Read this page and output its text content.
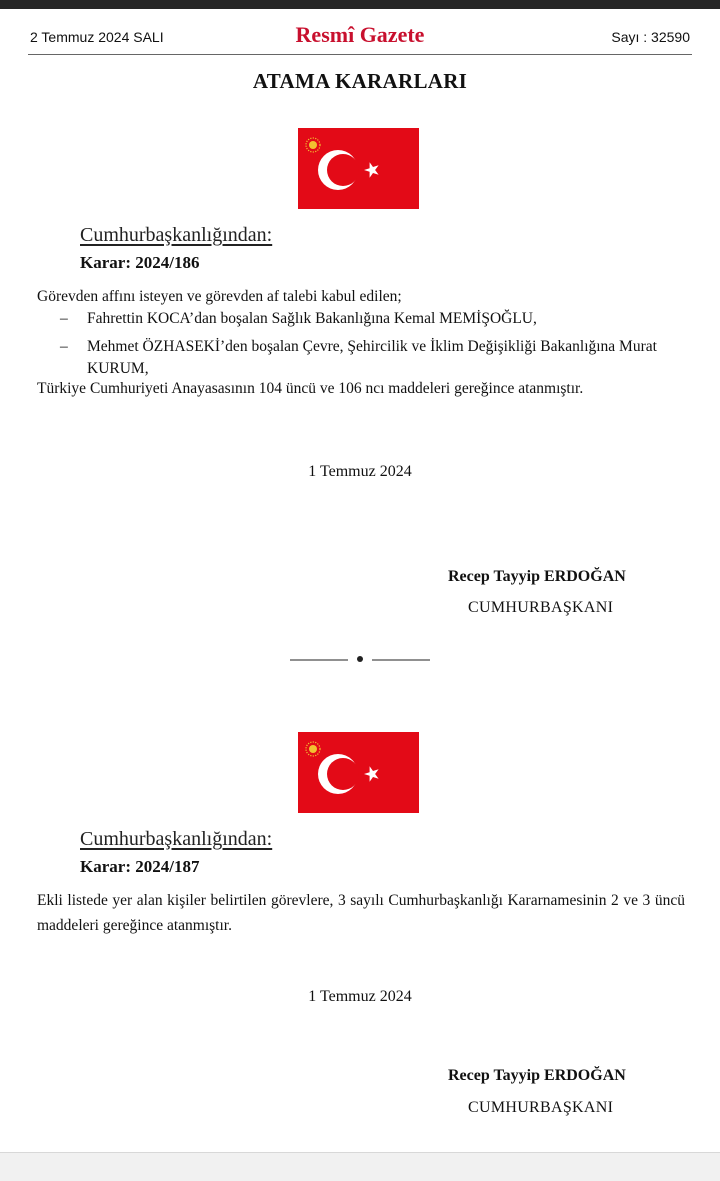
2 Temmuz 2024 SALI	Resmî Gazete	Sayı : 32590
ATAMA KARARLARI
Cumhurbaşkanlığından:
Karar: 2024/186
Görevden affını isteyen ve görevden af talebi kabul edilen;
– Fahrettin KOCA’dan boşalan Sağlık Bakanlığına Kemal MEMİŞOĞLU,
– Mehmet ÖZHASEKİ’den boşalan Çevre, Şehircilik ve İklim Değişikliği Bakanlığına Murat KURUM,
Türkiye Cumhuriyeti Anayasasının 104 üncü ve 106 ncı maddeleri gereğince atanmıştır.
1 Temmuz 2024
Recep Tayyip ERDOĞAN
CUMHURBAŞKANI
Cumhurbaşkanlığından:
Karar: 2024/187
Ekli listede yer alan kişiler belirtilen görevlere, 3 sayılı Cumhurbaşkanlığı Kararnamesinin 2 ve 3 üncü maddeleri gereğince atanmıştır.
1 Temmuz 2024
Recep Tayyip ERDOĞAN
CUMHURBAŞKANI
